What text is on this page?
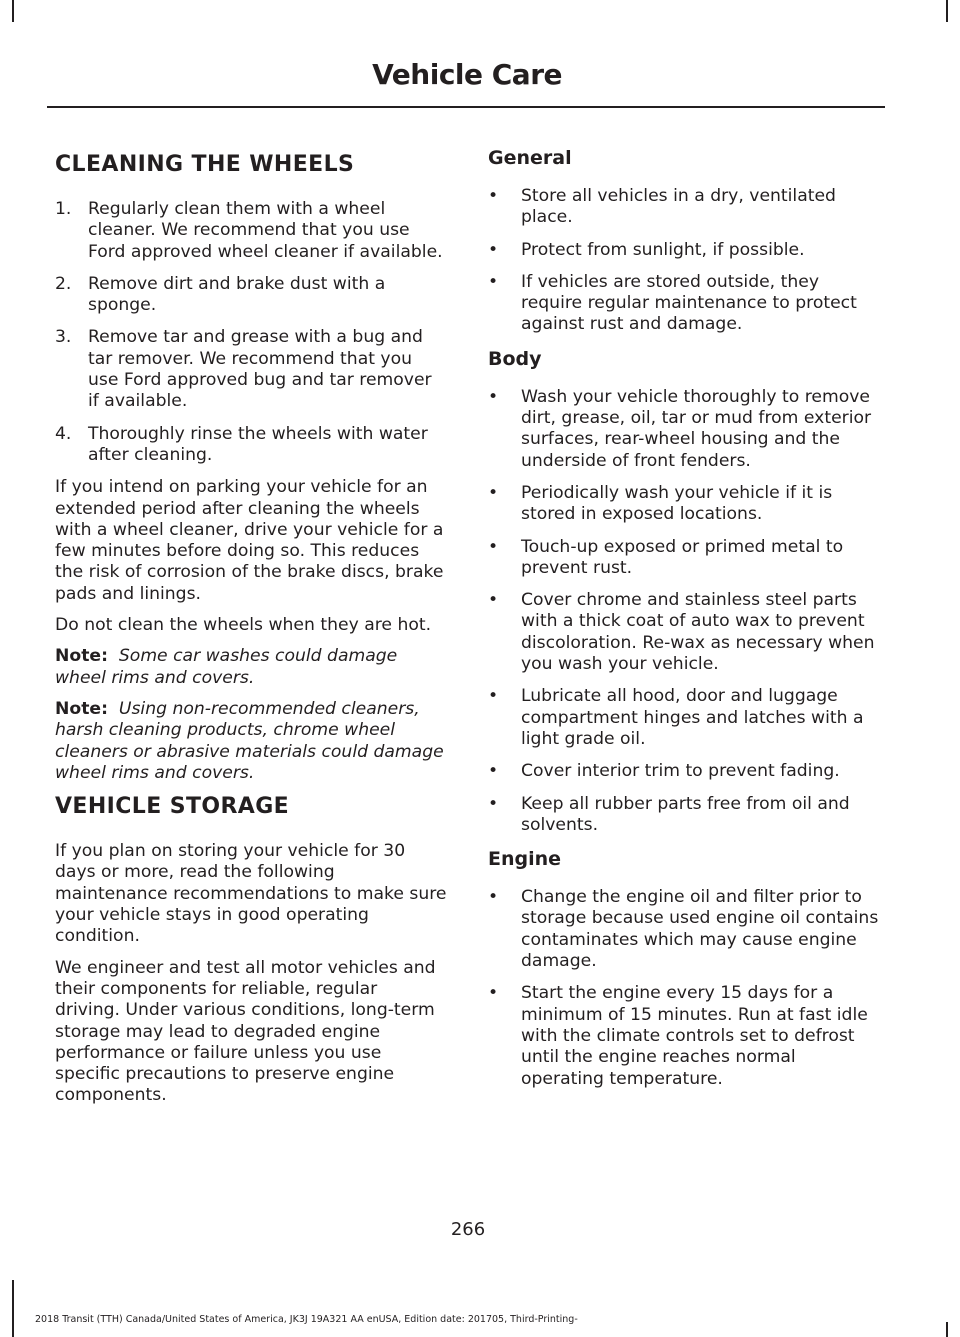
Vehicle Care
CLEANING THE WHEELS
1. Regularly clean them with a wheel cleaner. We recommend that you use Ford approved wheel cleaner if available.
2. Remove dirt and brake dust with a sponge.
3. Remove tar and grease with a bug and tar remover. We recommend that you use Ford approved bug and tar remover if available.
4. Thoroughly rinse the wheels with water after cleaning.

If you intend on parking your vehicle for an extended period after cleaning the wheels with a wheel cleaner, drive your vehicle for a few minutes before doing so. This reduces the risk of corrosion of the brake discs, brake pads and linings.

Do not clean the wheels when they are hot.

Note: Some car washes could damage wheel rims and covers.

Note: Using non-recommended cleaners, harsh cleaning products, chrome wheel cleaners or abrasive materials could damage wheel rims and covers.

VEHICLE STORAGE

If you plan on storing your vehicle for 30 days or more, read the following maintenance recommendations to make sure your vehicle stays in good operating condition.

We engineer and test all motor vehicles and their components for reliable, regular driving. Under various conditions, long-term storage may lead to degraded engine performance or failure unless you use specific precautions to preserve engine components.

General
• Store all vehicles in a dry, ventilated place.
• Protect from sunlight, if possible.
• If vehicles are stored outside, they require regular maintenance to protect against rust and damage.
Body
• Wash your vehicle thoroughly to remove dirt, grease, oil, tar or mud from exterior surfaces, rear-wheel housing and the underside of front fenders.
• Periodically wash your vehicle if it is stored in exposed locations.
• Touch-up exposed or primed metal to prevent rust.
• Cover chrome and stainless steel parts with a thick coat of auto wax to prevent discoloration. Re-wax as necessary when you wash your vehicle.
• Lubricate all hood, door and luggage compartment hinges and latches with a light grade oil.
• Cover interior trim to prevent fading.
• Keep all rubber parts free from oil and solvents.
Engine
• Change the engine oil and filter prior to storage because used engine oil contains contaminates which may cause engine damage.
• Start the engine every 15 days for a minimum of 15 minutes. Run at fast idle with the climate controls set to defrost until the engine reaches normal operating temperature.
266
2018 Transit (TTH) Canada/United States of America, JK3J 19A321 AA enUSA, Edition date: 201705, Third-Printing-
